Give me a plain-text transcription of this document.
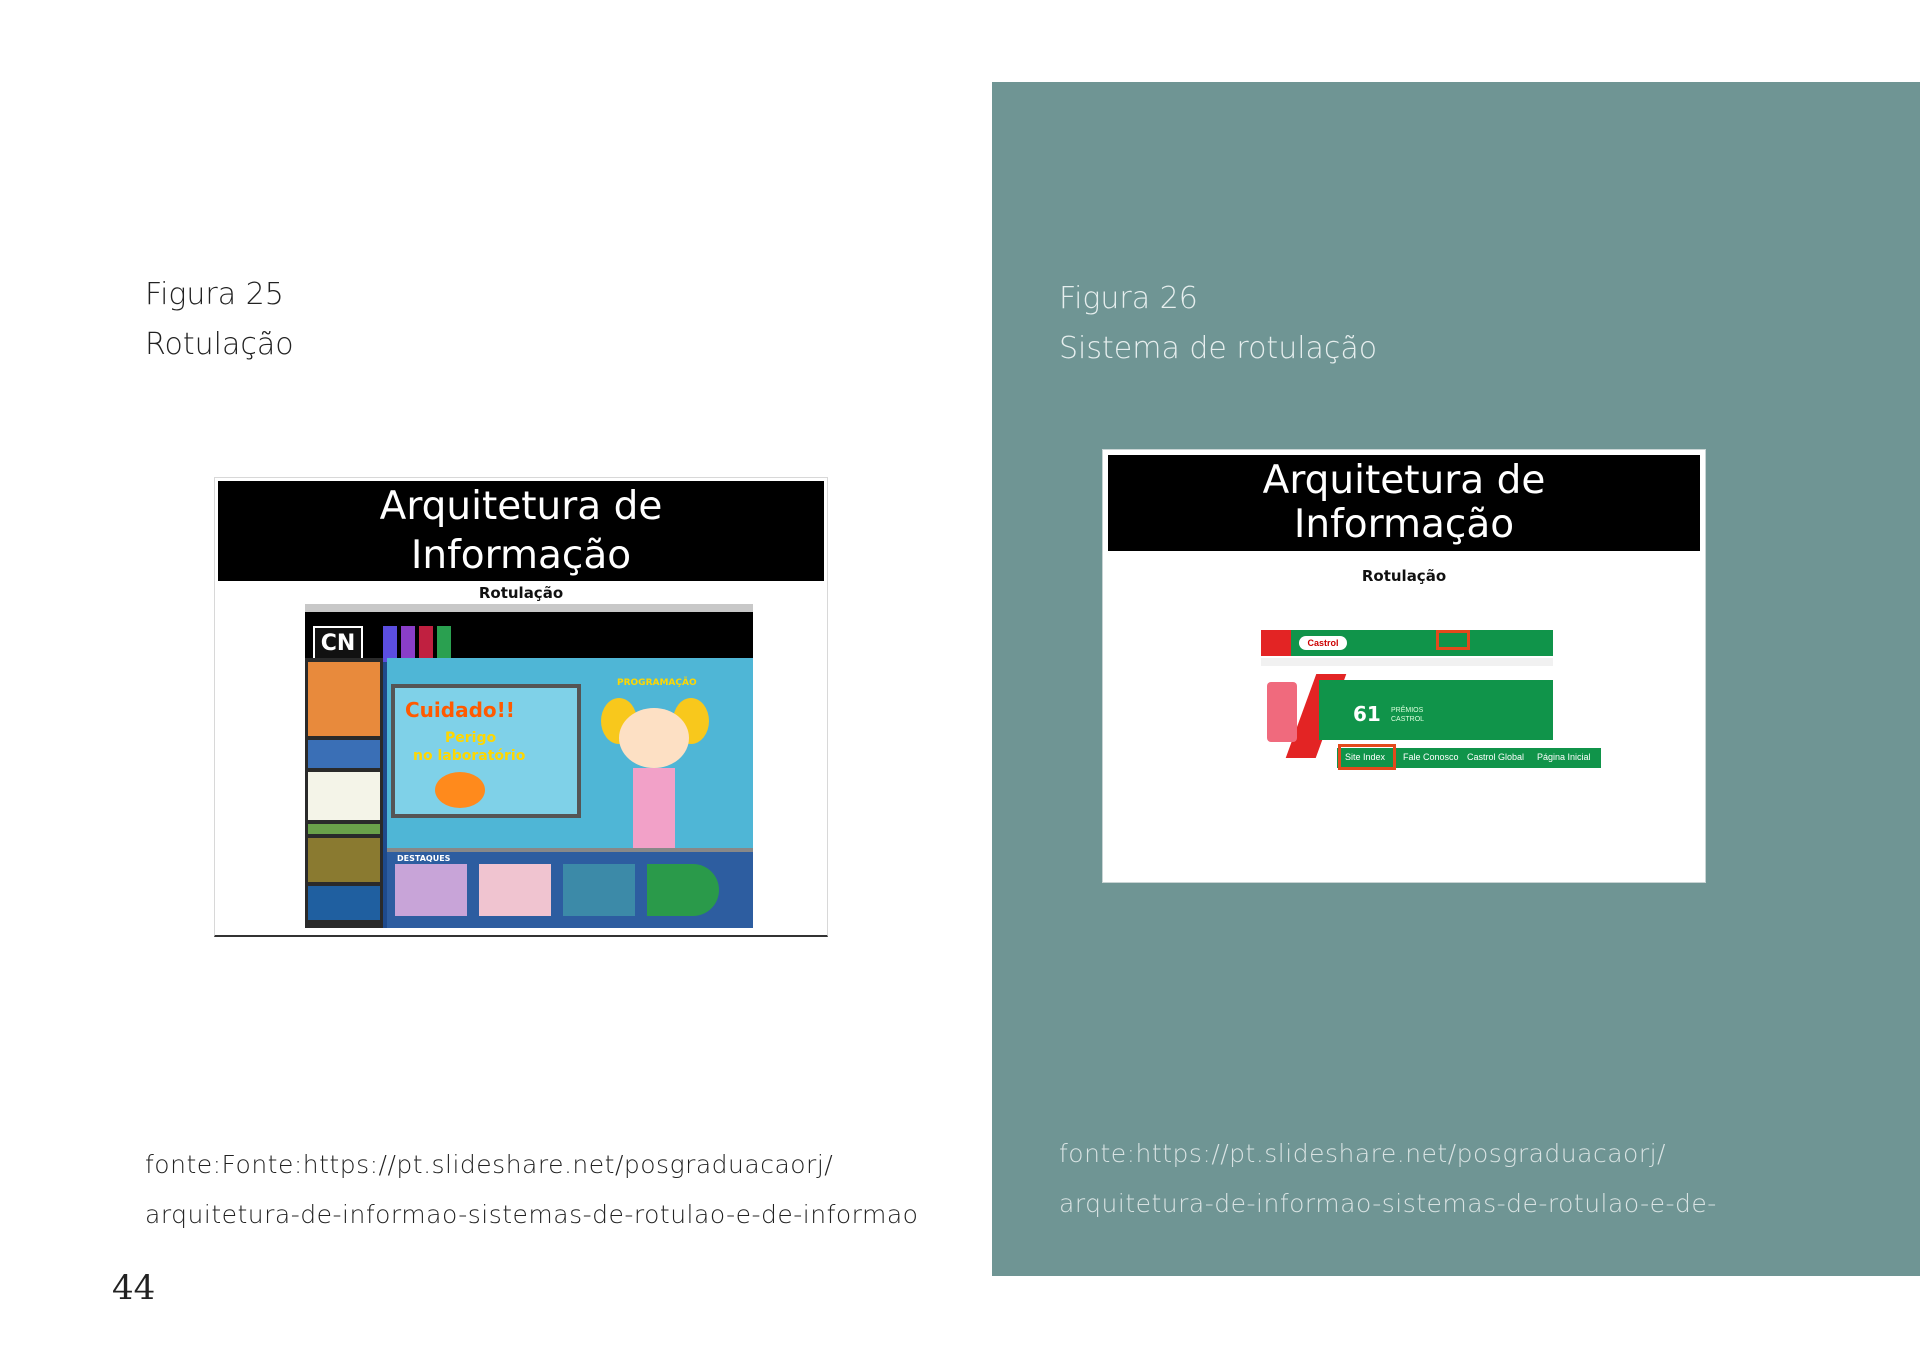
Figura 25
Rotulação
Arquitetura de
Informação
Rotulação
CN
Cuidado!!
Perigo
no laboratório
PROGRAMAÇÃO
DESTAQUES
fonte:Fonte:https://pt.slideshare.net/posgraduacaorj/
arquitetura-de-informao-sistemas-de-rotulao-e-de-informao
44
Figura 26
Sistema de rotulação
Arquitetura de
Informação
Rotulação
Castrol
61 PRÊMIOS
CASTROL
Site Index Fale Conosco Castrol Global Página Inicial
fonte:https://pt.slideshare.net/posgraduacaorj/
arquitetura-de-informao-sistemas-de-rotulao-e-de-
